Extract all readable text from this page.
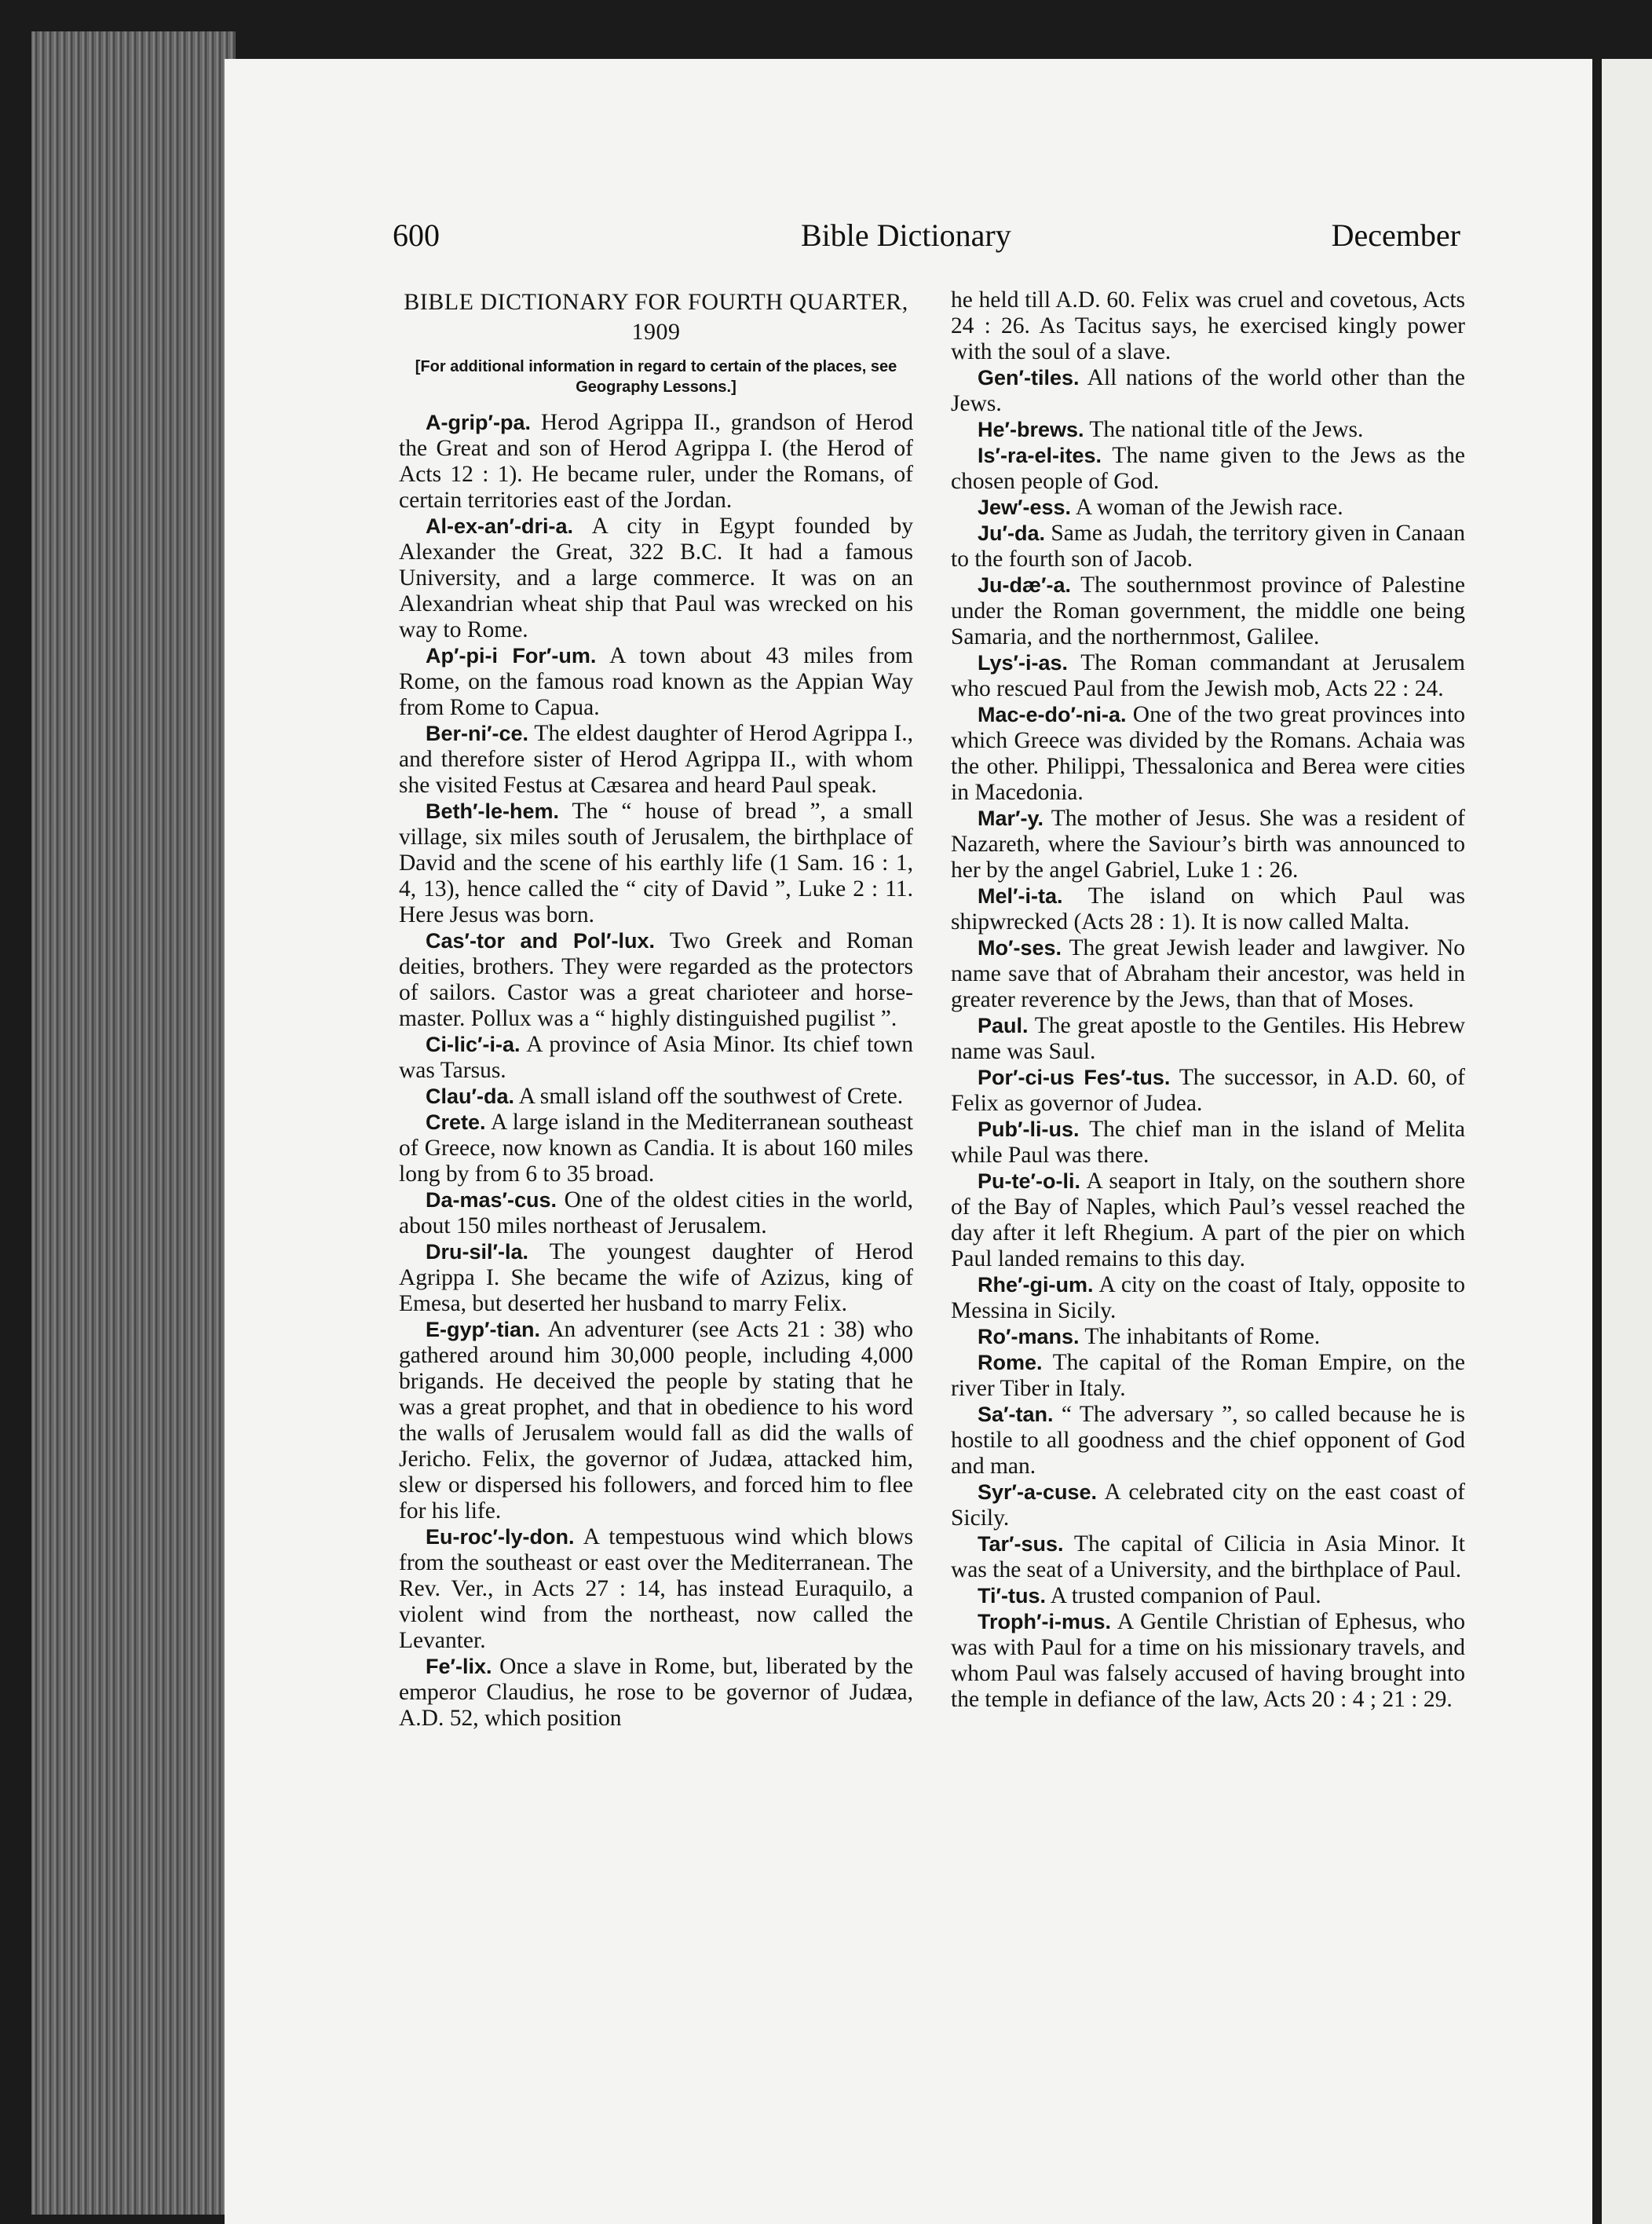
600	Bible Dictionary	December
BIBLE DICTIONARY FOR FOURTH QUARTER, 1909
[For additional information in regard to certain of the places, see Geography Lessons.]

A-grip′-pa. Herod Agrippa II., grandson of Herod the Great and son of Herod Agrippa I. (the Herod of Acts 12 : 1). He became ruler, under the Romans, of certain territories east of the Jordan.

Al-ex-an′-dri-a. A city in Egypt founded by Alexander the Great, 322 B.C. It had a famous University, and a large commerce. It was on an Alexandrian wheat ship that Paul was wrecked on his way to Rome.

Ap′-pi-i For′-um. A town about 43 miles from Rome, on the famous road known as the Appian Way from Rome to Capua.

Ber-ni′-ce. The eldest daughter of Herod Agrippa I., and therefore sister of Herod Agrippa II., with whom she visited Festus at Cæsarea and heard Paul speak.

Beth′-le-hem. The “ house of bread ”, a small village, six miles south of Jerusalem, the birthplace of David and the scene of his earthly life (1 Sam. 16 : 1, 4, 13), hence called the “ city of David ”, Luke 2 : 11. Here Jesus was born.

Cas′-tor and Pol′-lux. Two Greek and Roman deities, brothers. They were regarded as the protectors of sailors. Castor was a great charioteer and horse-master. Pollux was a “ highly distinguished pugilist ”.

Ci-lic′-i-a. A province of Asia Minor. Its chief town was Tarsus.

Clau′-da. A small island off the southwest of Crete.

Crete. A large island in the Mediterranean southeast of Greece, now known as Candia. It is about 160 miles long by from 6 to 35 broad.

Da-mas′-cus. One of the oldest cities in the world, about 150 miles northeast of Jerusalem.

Dru-sil′-la. The youngest daughter of Herod Agrippa I. She became the wife of Azizus, king of Emesa, but deserted her husband to marry Felix.

E-gyp′-tian. An adventurer (see Acts 21 : 38) who gathered around him 30,000 people, including 4,000 brigands. He deceived the people by stating that he was a great prophet, and that in obedience to his word the walls of Jerusalem would fall as did the walls of Jericho. Felix, the governor of Judæa, attacked him, slew or dispersed his followers, and forced him to flee for his life.

Eu-roc′-ly-don. A tempestuous wind which blows from the southeast or east over the Mediterranean. The Rev. Ver., in Acts 27 : 14, has instead Euraquilo, a violent wind from the northeast, now called the Levanter.

Fe′-lix. Once a slave in Rome, but, liberated by the emperor Claudius, he rose to be governor of Judæa, A.D. 52, which position

he held till A.D. 60. Felix was cruel and covetous, Acts 24 : 26. As Tacitus says, he exercised kingly power with the soul of a slave.

Gen′-tiles. All nations of the world other than the Jews.

He′-brews. The national title of the Jews.

Is′-ra-el-ites. The name given to the Jews as the chosen people of God.

Jew′-ess. A woman of the Jewish race.

Ju′-da. Same as Judah, the territory given in Canaan to the fourth son of Jacob.

Ju-dæ′-a. The southernmost province of Palestine under the Roman government, the middle one being Samaria, and the northernmost, Galilee.

Lys′-i-as. The Roman commandant at Jerusalem who rescued Paul from the Jewish mob, Acts 22 : 24.

Mac-e-do′-ni-a. One of the two great provinces into which Greece was divided by the Romans. Achaia was the other. Philippi, Thessalonica and Berea were cities in Macedonia.

Mar′-y. The mother of Jesus. She was a resident of Nazareth, where the Saviour’s birth was announced to her by the angel Gabriel, Luke 1 : 26.

Mel′-i-ta. The island on which Paul was shipwrecked (Acts 28 : 1). It is now called Malta.

Mo′-ses. The great Jewish leader and lawgiver. No name save that of Abraham their ancestor, was held in greater reverence by the Jews, than that of Moses.

Paul. The great apostle to the Gentiles. His Hebrew name was Saul.

Por′-ci-us Fes′-tus. The successor, in A.D. 60, of Felix as governor of Judea.

Pub′-li-us. The chief man in the island of Melita while Paul was there.

Pu-te′-o-li. A seaport in Italy, on the southern shore of the Bay of Naples, which Paul’s vessel reached the day after it left Rhegium. A part of the pier on which Paul landed remains to this day.

Rhe′-gi-um. A city on the coast of Italy, opposite to Messina in Sicily.

Ro′-mans. The inhabitants of Rome.

Rome. The capital of the Roman Empire, on the river Tiber in Italy.

Sa′-tan. “ The adversary ”, so called because he is hostile to all goodness and the chief opponent of God and man.

Syr′-a-cuse. A celebrated city on the east coast of Sicily.

Tar′-sus. The capital of Cilicia in Asia Minor. It was the seat of a University, and the birthplace of Paul.

Ti′-tus. A trusted companion of Paul.

Troph′-i-mus. A Gentile Christian of Ephesus, who was with Paul for a time on his missionary travels, and whom Paul was falsely accused of having brought into the temple in defiance of the law, Acts 20 : 4 ; 21 : 29.
